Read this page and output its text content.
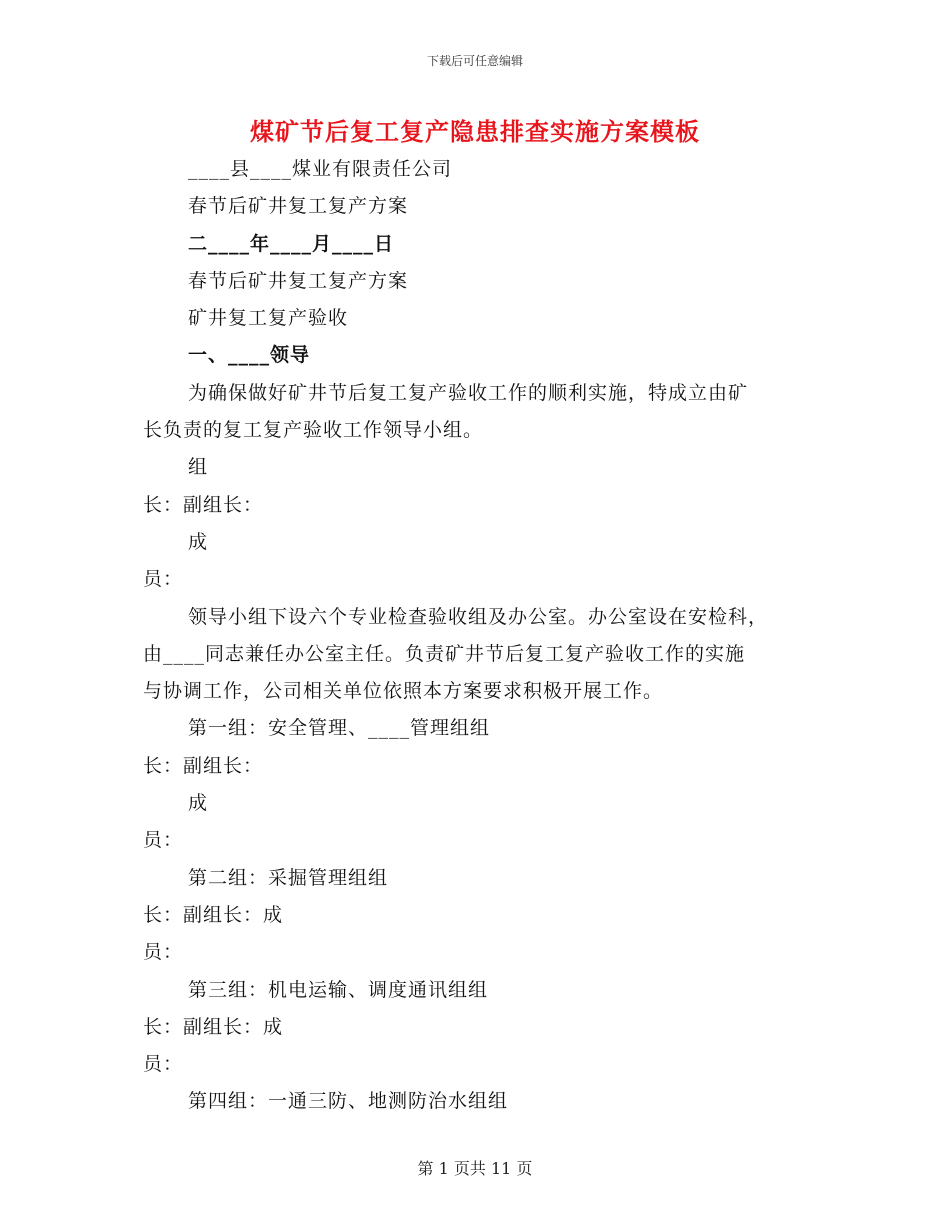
下载后可任意编辑
煤矿节后复工复产隐患排查实施方案模板
____县____煤业有限责任公司
春节后矿井复工复产方案
二____年____月____日
春节后矿井复工复产方案
矿井复工复产验收
一、____领导
为确保做好矿井节后复工复产验收工作的顺利实施，特成立由矿
长负责的复工复产验收工作领导小组。
组
长：副组长：
成
员：
领导小组下设六个专业检查验收组及办公室。办公室设在安检科，
由____同志兼任办公室主任。负责矿井节后复工复产验收工作的实施
与协调工作，公司相关单位依照本方案要求积极开展工作。
第一组：安全管理、____管理组组
长：副组长：
成
员：
第二组：采掘管理组组
长：副组长：成
员：
第三组：机电运输、调度通讯组组
长：副组长：成
员：
第四组：一通三防、地测防治水组组
第 1 页共 11 页
